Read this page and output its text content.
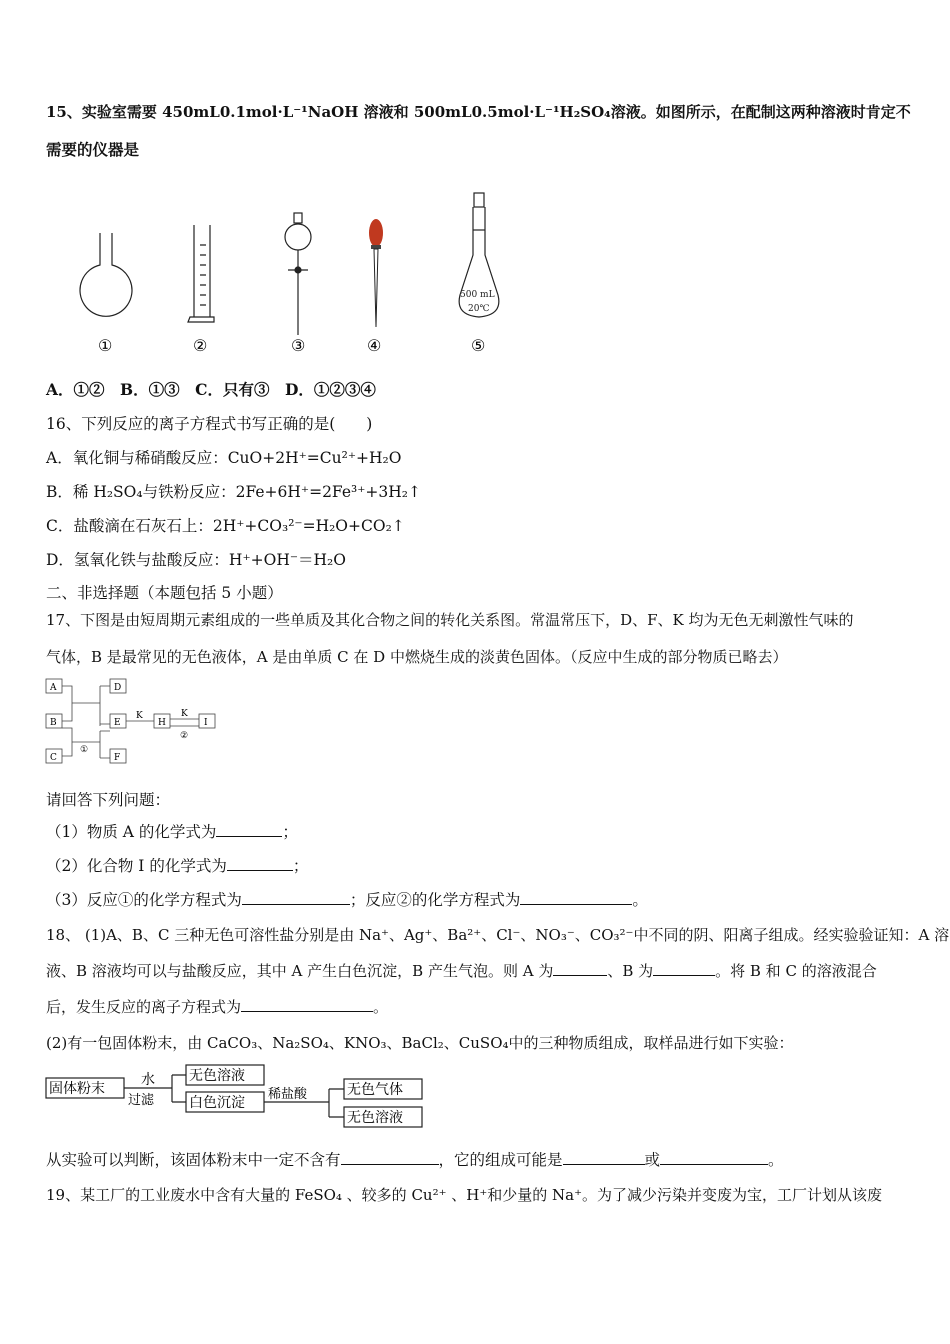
15、实验室需要 450mL0.1mol·L⁻¹NaOH 溶液和 500mL0.5mol·L⁻¹H₂SO₄溶液。如图所示，在配制这两种溶液时肯定不
需要的仪器是
500 mL
20℃
①	②	③	④	⑤
A．①②　B．①③　C．只有③　D．①②③④
16、下列反应的离子方程式书写正确的是(　　)
A．氧化铜与稀硝酸反应：CuO+2H⁺=Cu²⁺+H₂O
B．稀 H₂SO₄与铁粉反应：2Fe+6H⁺=2Fe³⁺+3H₂↑
C．盐酸滴在石灰石上：2H⁺+CO₃²⁻=H₂O+CO₂↑
D．氢氧化铁与盐酸反应：H⁺+OH⁻＝H₂O
二、非选择题（本题包括 5 小题）
17、下图是由短周期元素组成的一些单质及其化合物之间的转化关系图。常温常压下，D、F、K 均为无色无刺激性气味的
气体，B 是最常见的无色液体，A 是由单质 C 在 D 中燃烧生成的淡黄色固体。（反应中生成的部分物质已略去）
A
B
C
D
E
F
H	I
K	K
①
②
请回答下列问题：
（1）物质 A 的化学式为	；
（2）化合物 I 的化学式为	；
（3）反应①的化学方程式为	；反应②的化学方程式为	。
18、 (1)A、B、C 三种无色可溶性盐分别是由 Na⁺、Ag⁺、Ba²⁺、Cl⁻、NO₃⁻、CO₃²⁻中不同的阴、阳离子组成。经实验验证知：A 溶
液、B 溶液均可以与盐酸反应，其中 A 产生白色沉淀，B 产生气泡。则 A 为	、B 为	。将 B 和 C 的溶液混合
后，发生反应的离子方程式为	。
(2)有一包固体粉末，由 CaCO₃、Na₂SO₄、KNO₃、BaCl₂、CuSO₄中的三种物质组成，取样品进行如下实验：
固体粉末
水
过滤
无色溶液
白色沉淀
稀盐酸	无色气体
无色溶液
从实验可以判断，该固体粉末中一定不含有	，它的组成可能是	或	。
19、某工厂的工业废水中含有大量的 FeSO₄ 、较多的 Cu²⁺ 、H⁺和少量的 Na⁺。为了减少污染并变废为宝，工厂计划从该废
